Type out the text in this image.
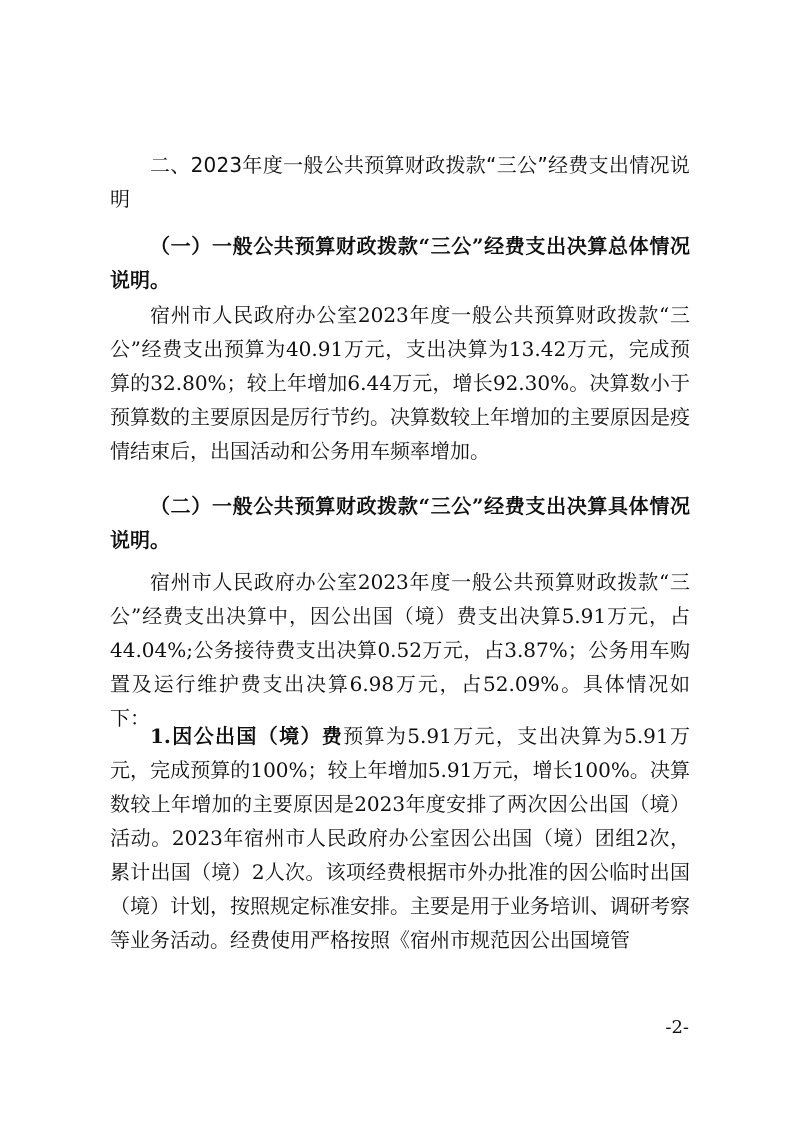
二、2023年度一般公共预算财政拨款“三公”经费支出情况说明

（一）一般公共预算财政拨款“三公”经费支出决算总体情况说明。

宿州市人民政府办公室2023年度一般公共预算财政拨款“三公”经费支出预算为40.91万元，支出决算为13.42万元，完成预算的32.80%；较上年增加6.44万元，增长92.30%。决算数小于预算数的主要原因是厉行节约。决算数较上年增加的主要原因是疫情结束后，出国活动和公务用车频率增加。

（二）一般公共预算财政拨款“三公”经费支出决算具体情况说明。

宿州市人民政府办公室2023年度一般公共预算财政拨款“三公”经费支出决算中，因公出国（境）费支出决算5.91万元，占44.04%;公务接待费支出决算0.52万元，占3.87%；公务用车购置及运行维护费支出决算6.98万元，占52.09%。具体情况如下：

1.因公出国（境）费预算为5.91万元，支出决算为5.91万元，完成预算的100%；较上年增加5.91万元，增长100%。决算数较上年增加的主要原因是2023年度安排了两次因公出国（境）活动。2023年宿州市人民政府办公室因公出国（境）团组2次，累计出国（境）2人次。该项经费根据市外办批准的因公临时出国（境）计划，按照规定标准安排。主要是用于业务培训、调研考察等业务活动。经费使用严格按照《宿州市规范因公出国境管

-2-
